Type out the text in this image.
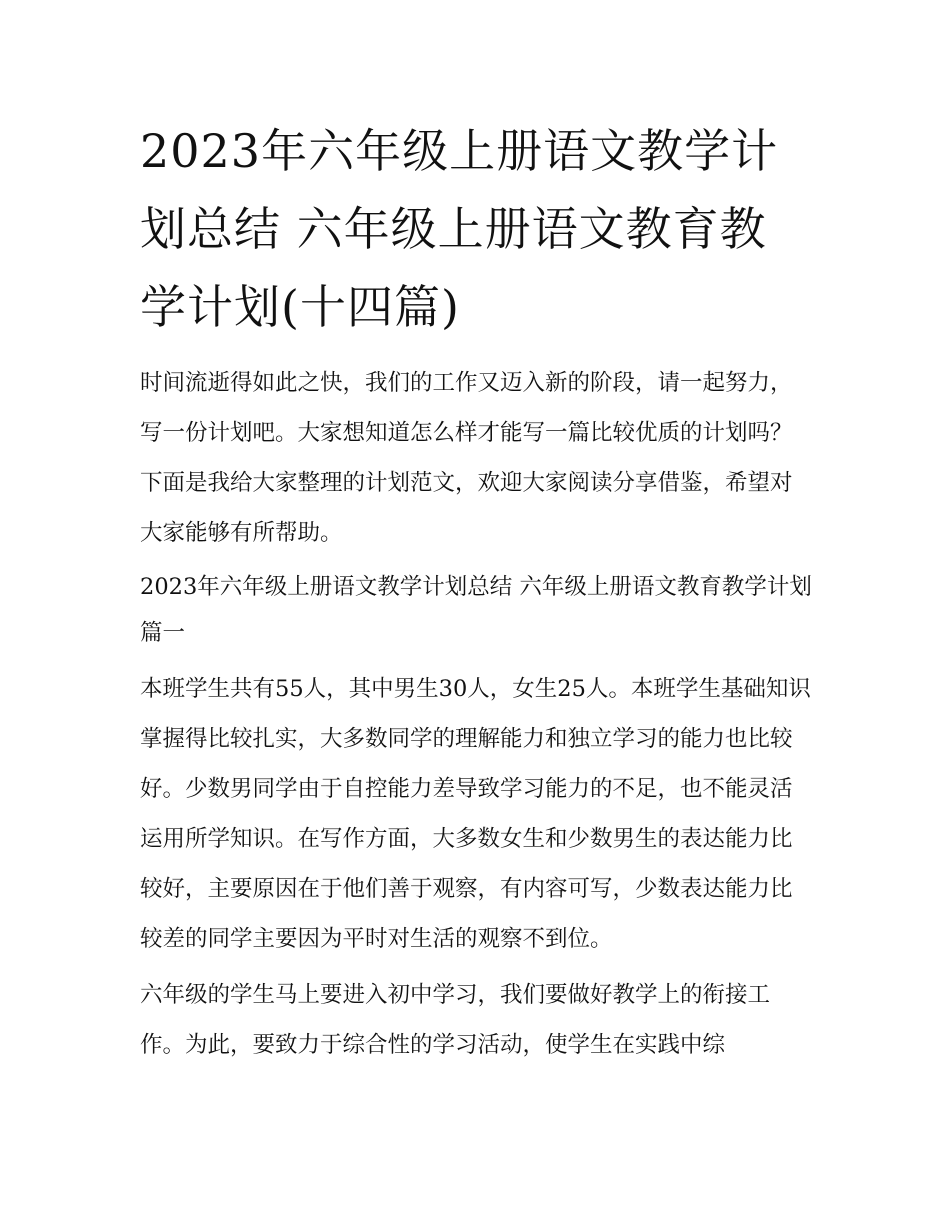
2023年六年级上册语文教学计划总结 六年级上册语文教育教学计划(十四篇)

时间流逝得如此之快，我们的工作又迈入新的阶段，请一起努力，写一份计划吧。大家想知道怎么样才能写一篇比较优质的计划吗？下面是我给大家整理的计划范文，欢迎大家阅读分享借鉴，希望对大家能够有所帮助。

2023年六年级上册语文教学计划总结 六年级上册语文教育教学计划篇一

本班学生共有55人，其中男生30人，女生25人。本班学生基础知识掌握得比较扎实，大多数同学的理解能力和独立学习的能力也比较好。少数男同学由于自控能力差导致学习能力的不足，也不能灵活运用所学知识。在写作方面，大多数女生和少数男生的表达能力比较好，主要原因在于他们善于观察，有内容可写，少数表达能力比较差的同学主要因为平时对生活的观察不到位。

六年级的学生马上要进入初中学习，我们要做好教学上的衔接工作。为此，要致力于综合性的学习活动，使学生在实践中综
